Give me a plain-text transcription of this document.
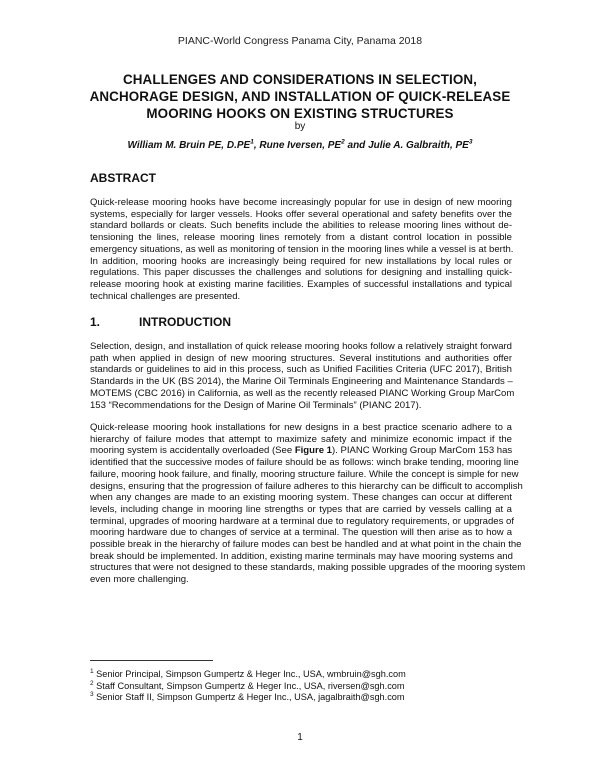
PIANC-World Congress Panama City, Panama 2018
CHALLENGES AND CONSIDERATIONS IN SELECTION,
ANCHORAGE DESIGN, AND INSTALLATION OF QUICK-RELEASE
MOORING HOOKS ON EXISTING STRUCTURES
by
William M. Bruin PE, $D.PE^1$, Rune Iversen, $PE^2$ and Julie A. Galbraith, $PE^3$
ABSTRACT
Quick-release mooring hooks have become increasingly popular for use in design of new mooring
systems, especially for larger vessels. Hooks offer several operational and safety benefits over the
standard bollards or cleats. Such benefits include the abilities to release mooring lines without de-
tensioning the lines, release mooring lines remotely from a distant control location in possible
emergency situations, as well as monitoring of tension in the mooring lines while a vessel is at berth.
In addition, mooring hooks are increasingly being required for new installations by local rules or
regulations. This paper discusses the challenges and solutions for designing and installing quick-
release mooring hook at existing marine facilities. Examples of successful installations and typical
technical challenges are presented.
1.	INTRODUCTION
Selection, design, and installation of quick release mooring hooks follow a relatively straight forward
path when applied in design of new mooring structures. Several institutions and authorities offer
standards or guidelines to aid in this process, such as Unified Facilities Criteria (UFC 2017), British
Standards in the UK (BS 2014), the Marine Oil Terminals Engineering and Maintenance Standards –
MOTEMS (CBC 2016) in California, as well as the recently released PIANC Working Group MarCom
153 “Recommendations for the Design of Marine Oil Terminals” (PIANC 2017).
Quick-release mooring hook installations for new designs in a best practice scenario adhere to a
hierarchy of failure modes that attempt to maximize safety and minimize economic impact if the
mooring system is accidentally overloaded (See Figure 1). PIANC Working Group MarCom 153 has
identified that the successive modes of failure should be as follows: winch brake tending, mooring line
failure, mooring hook failure, and finally, mooring structure failure. While the concept is simple for new
designs, ensuring that the progression of failure adheres to this hierarchy can be difficult to accomplish
when any changes are made to an existing mooring system. These changes can occur at different
levels, including change in mooring line strengths or types that are carried by vessels calling at a
terminal, upgrades of mooring hardware at a terminal due to regulatory requirements, or upgrades of
mooring hardware due to changes of service at a terminal. The question will then arise as to how a
possible break in the hierarchy of failure modes can best be handled and at what point in the chain the
break should be implemented. In addition, existing marine terminals may have mooring systems and
structures that were not designed to these standards, making possible upgrades of the mooring system
even more challenging.
$^1$ Senior Principal, Simpson Gumpertz & Heger Inc., USA, wmbruin@sgh.com
$^2$ Staff Consultant, Simpson Gumpertz & Heger Inc., USA, riversen@sgh.com
$^3$ Senior Staff II, Simpson Gumpertz & Heger Inc., USA, jagalbraith@sgh.com
1
